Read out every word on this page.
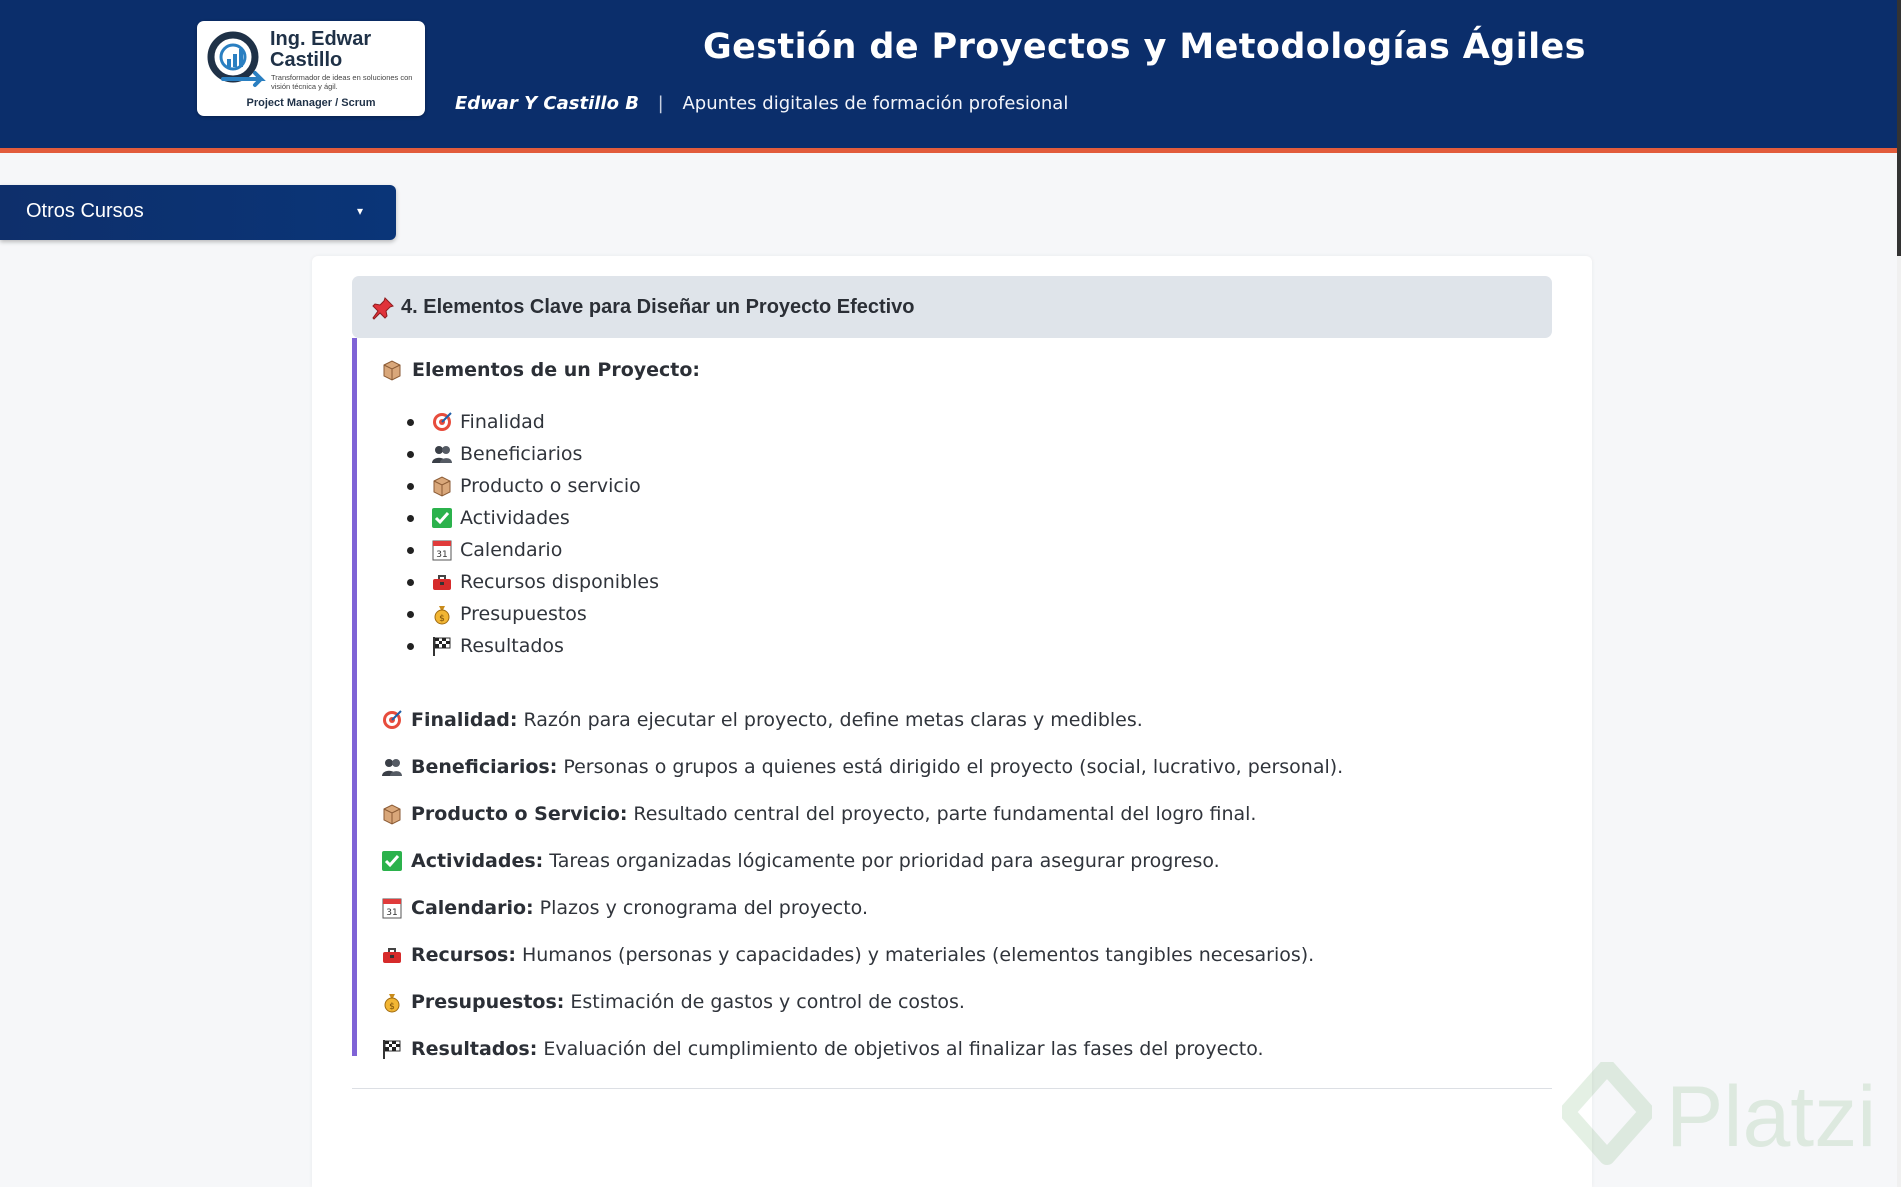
Ing. Edwar Castillo
Transformador de ideas en soluciones con visión técnica y ágil.
Project Manager / Scrum
Gestión de Proyectos y Metodologías Ágiles
Edwar Y Castillo B | Apuntes digitales de formación profesional
Otros Cursos	▾
4. Elementos Clave para Diseñar un Proyecto Efectivo
Elementos de un Proyecto:
Finalidad
Beneficiarios
Producto o servicio
Actividades
31 Calendario
Recursos disponibles
$ Presupuestos
Resultados
Finalidad: Razón para ejecutar el proyecto, define metas claras y medibles.
Beneficiarios: Personas o grupos a quienes está dirigido el proyecto (social, lucrativo, personal).
Producto o Servicio: Resultado central del proyecto, parte fundamental del logro final.
Actividades: Tareas organizadas lógicamente por prioridad para asegurar progreso.
31 Calendario: Plazos y cronograma del proyecto.
Recursos: Humanos (personas y capacidades) y materiales (elementos tangibles necesarios).
$ Presupuestos: Estimación de gastos y control de costos.
Resultados: Evaluación del cumplimiento de objetivos al finalizar las fases del proyecto.
Platzi
